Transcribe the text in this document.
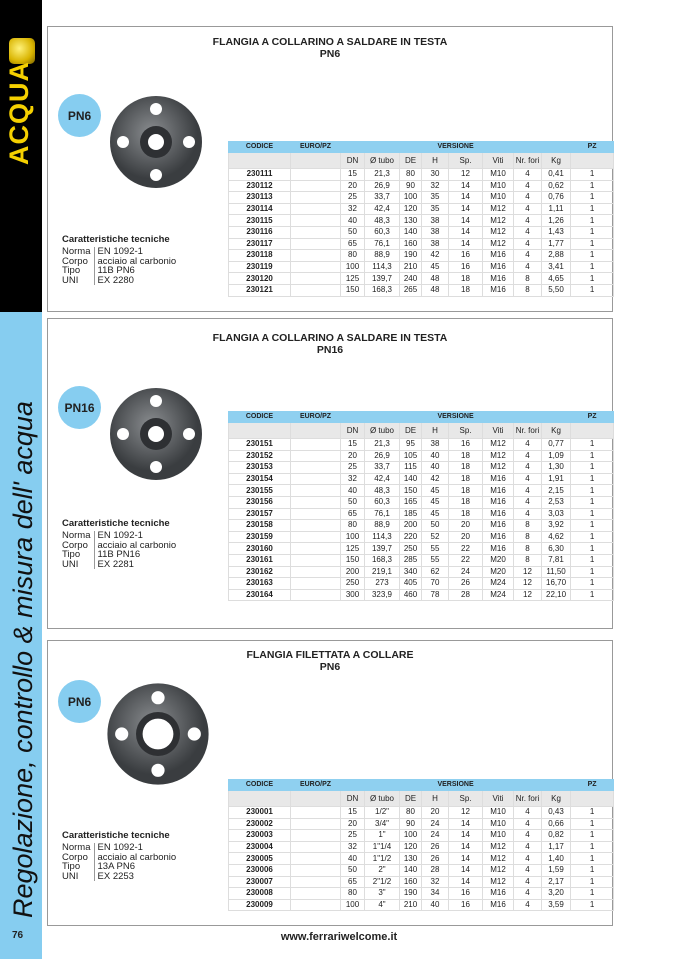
ACQUA
Regolazione, controllo & misura dell' acqua
76
FLANGIA A COLLARINO A SALDARE IN TESTA
PN6
PN6
Caratteristiche tecniche
Norma	EN 1092-1
Corpo	acciaio al carbonio
Tipo	11B PN6
UNI	EX 2280
CODICE	EURO/PZ	VERSIONE								PZ
		DN	Ø tubo	DE	H	Sp.	Viti	Nr. fori	Kg	
230111		15	21,3	80	30	12	M10	4	0,41	1
230112		20	26,9	90	32	14	M10	4	0,62	1
230113		25	33,7	100	35	14	M10	4	0,76	1
230114		32	42,4	120	35	14	M12	4	1,11	1
230115		40	48,3	130	38	14	M12	4	1,26	1
230116		50	60,3	140	38	14	M12	4	1,43	1
230117		65	76,1	160	38	14	M12	4	1,77	1
230118		80	88,9	190	42	16	M16	4	2,88	1
230119		100	114,3	210	45	16	M16	4	3,41	1
230120		125	139,7	240	48	18	M16	8	4,65	1
230121		150	168,3	265	48	18	M16	8	5,50	1
FLANGIA A COLLARINO A SALDARE IN TESTA
PN16
PN16
Caratteristiche tecniche
Norma	EN 1092-1
Corpo	acciaio al carbonio
Tipo	11B PN16
UNI	EX 2281
CODICE	EURO/PZ	VERSIONE								PZ
		DN	Ø tubo	DE	H	Sp.	Viti	Nr. fori	Kg	
230151		15	21,3	95	38	16	M12	4	0,77	1
230152		20	26,9	105	40	18	M12	4	1,09	1
230153		25	33,7	115	40	18	M12	4	1,30	1
230154		32	42,4	140	42	18	M16	4	1,91	1
230155		40	48,3	150	45	18	M16	4	2,15	1
230156		50	60,3	165	45	18	M16	4	2,53	1
230157		65	76,1	185	45	18	M16	4	3,03	1
230158		80	88,9	200	50	20	M16	8	3,92	1
230159		100	114,3	220	52	20	M16	8	4,62	1
230160		125	139,7	250	55	22	M16	8	6,30	1
230161		150	168,3	285	55	22	M20	8	7,81	1
230162		200	219,1	340	62	24	M20	12	11,50	1
230163		250	273	405	70	26	M24	12	16,70	1
230164		300	323,9	460	78	28	M24	12	22,10	1
FLANGIA FILETTATA A COLLARE
PN6
PN6
Caratteristiche tecniche
Norma	EN 1092-1
Corpo	acciaio al carbonio
Tipo	13A PN6
UNI	EX 2253
CODICE	EURO/PZ	VERSIONE								PZ
		DN	Ø tubo	DE	H	Sp.	Viti	Nr. fori	Kg	
230001		15	1/2"	80	20	12	M10	4	0,43	1
230002		20	3/4"	90	24	14	M10	4	0,66	1
230003		25	1"	100	24	14	M10	4	0,82	1
230004		32	1"1/4	120	26	14	M12	4	1,17	1
230005		40	1"1/2	130	26	14	M12	4	1,40	1
230006		50	2"	140	28	14	M12	4	1,59	1
230007		65	2"1/2	160	32	14	M12	4	2,17	1
230008		80	3"	190	34	16	M16	4	3,20	1
230009		100	4"	210	40	16	M16	4	3,59	1
www.ferrariwelcome.it
